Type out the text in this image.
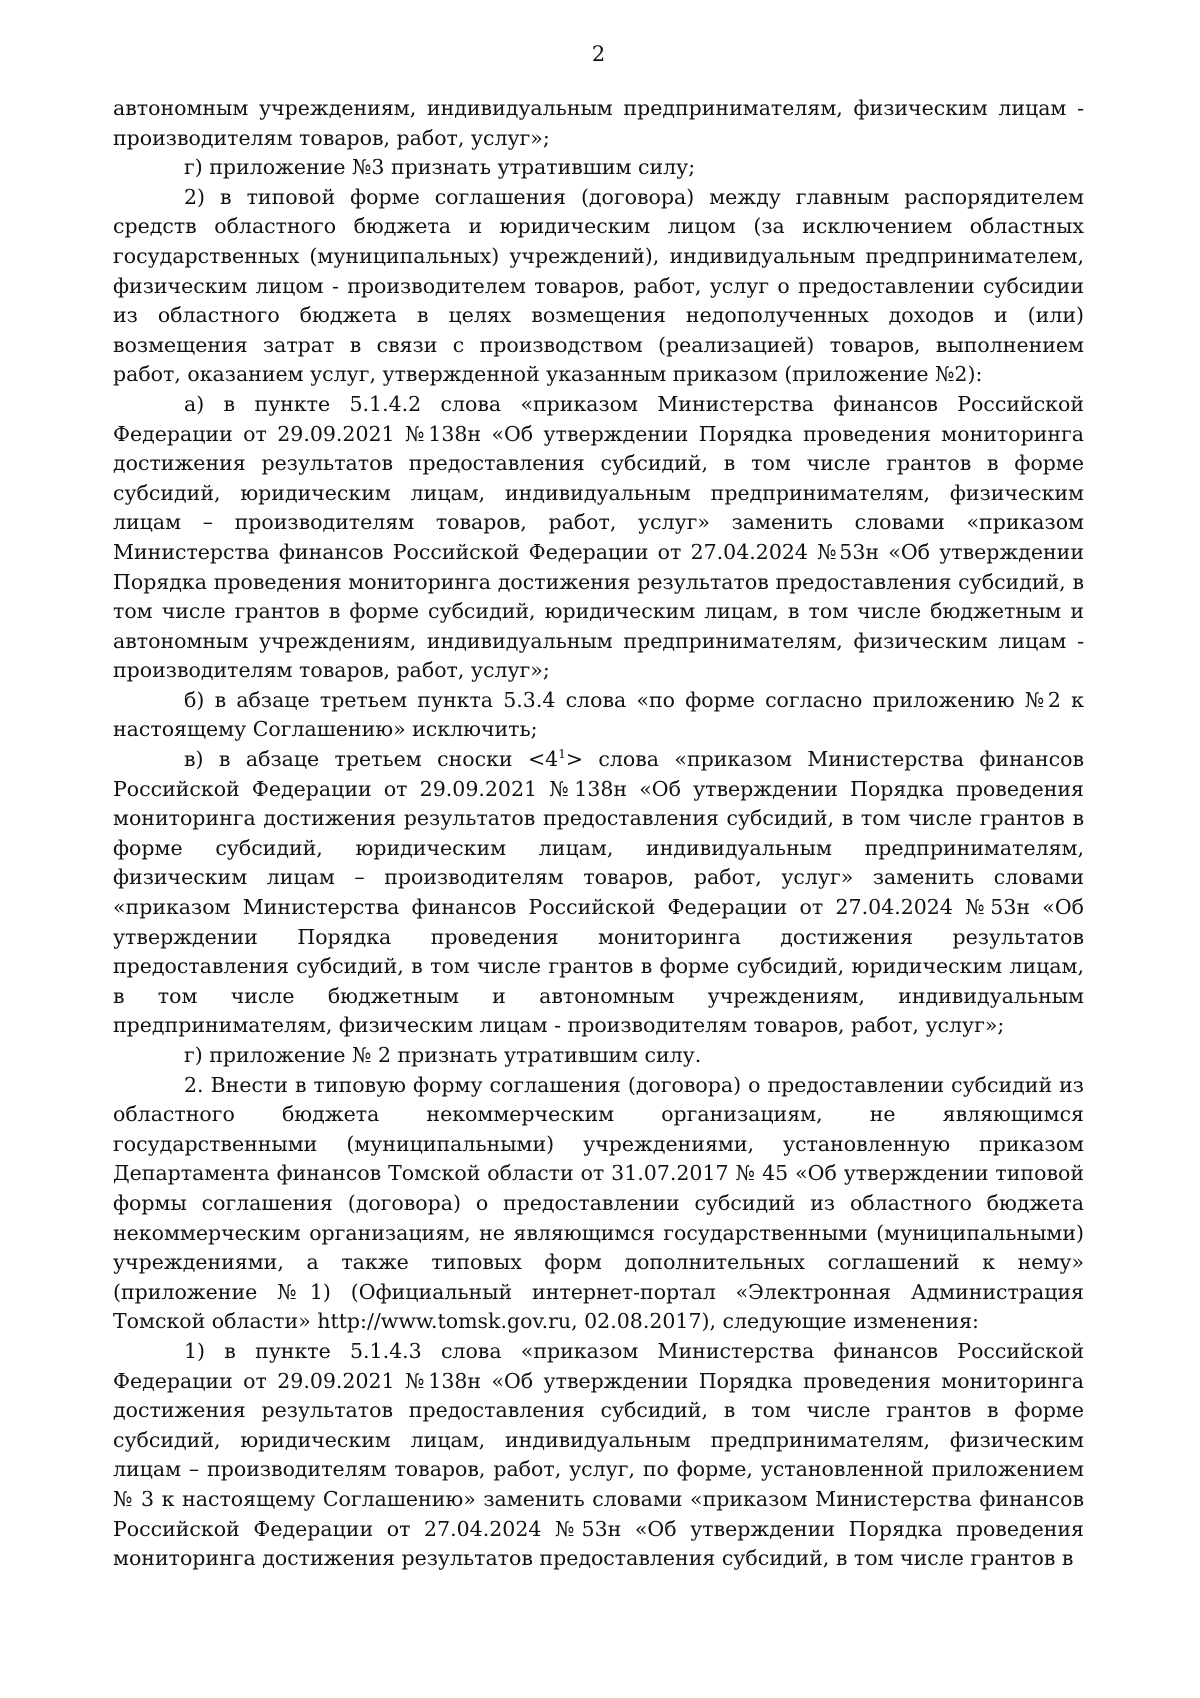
2

автономным учреждениям, индивидуальным предпринимателям, физическим лицам - производителям товаров, работ, услуг»;

г) приложение №3 признать утратившим силу;

2) в типовой форме соглашения (договора) между главным распорядителем средств областного бюджета и юридическим лицом (за исключением областных государственных (муниципальных) учреждений), индивидуальным предпринимателем, физическим лицом - производителем товаров, работ, услуг о предоставлении субсидии из областного бюджета в целях возмещения недополученных доходов и (или) возмещения затрат в связи с производством (реализацией) товаров, выполнением работ, оказанием услуг, утвержденной указанным приказом (приложение №2):

а) в пункте 5.1.4.2 слова «приказом Министерства финансов Российской Федерации от 29.09.2021 №138н «Об утверждении Порядка проведения мониторинга достижения результатов предоставления субсидий, в том числе грантов в форме субсидий, юридическим лицам, индивидуальным предпринимателям, физическим лицам – производителям товаров, работ, услуг» заменить словами «приказом Министерства финансов Российской Федерации от 27.04.2024 №53н «Об утверждении Порядка проведения мониторинга достижения результатов предоставления субсидий, в том числе грантов в форме субсидий, юридическим лицам, в том числе бюджетным и автономным учреждениям, индивидуальным предпринимателям, физическим лицам - производителям товаров, работ, услуг»;

б) в абзаце третьем пункта 5.3.4 слова «по форме согласно приложению №2 к настоящему Соглашению» исключить;

в) в абзаце третьем сноски $<4^1>$ слова «приказом Министерства финансов Российской Федерации от 29.09.2021 №138н «Об утверждении Порядка проведения мониторинга достижения результатов предоставления субсидий, в том числе грантов в форме субсидий, юридическим лицам, индивидуальным предпринимателям, физическим лицам – производителям товаров, работ, услуг» заменить словами «приказом Министерства финансов Российской Федерации от 27.04.2024 №53н «Об утверждении Порядка проведения мониторинга достижения результатов предоставления субсидий, в том числе грантов в форме субсидий, юридическим лицам, в том числе бюджетным и автономным учреждениям, индивидуальным предпринимателям, физическим лицам - производителям товаров, работ, услуг»;

г) приложение № 2 признать утратившим силу.

2. Внести в типовую форму соглашения (договора) о предоставлении субсидий из областного бюджета некоммерческим организациям, не являющимся государственными (муниципальными) учреждениями, установленную приказом Департамента финансов Томской области от 31.07.2017 № 45 «Об утверждении типовой формы соглашения (договора) о предоставлении субсидий из областного бюджета некоммерческим организациям, не являющимся государственными (муниципальными) учреждениями, а также типовых форм дополнительных соглашений к нему» (приложение №1) (Официальный интернет-портал «Электронная Администрация Томской области» http://www.tomsk.gov.ru, 02.08.2017), следующие изменения:

1) в пункте 5.1.4.3 слова «приказом Министерства финансов Российской Федерации от 29.09.2021 №138н «Об утверждении Порядка проведения мониторинга достижения результатов предоставления субсидий, в том числе грантов в форме субсидий, юридическим лицам, индивидуальным предпринимателям, физическим лицам – производителям товаров, работ, услуг, по форме, установленной приложением № 3 к настоящему Соглашению» заменить словами «приказом Министерства финансов Российской Федерации от 27.04.2024 №53н «Об утверждении Порядка проведения мониторинга достижения результатов предоставления субсидий, в том числе грантов в
